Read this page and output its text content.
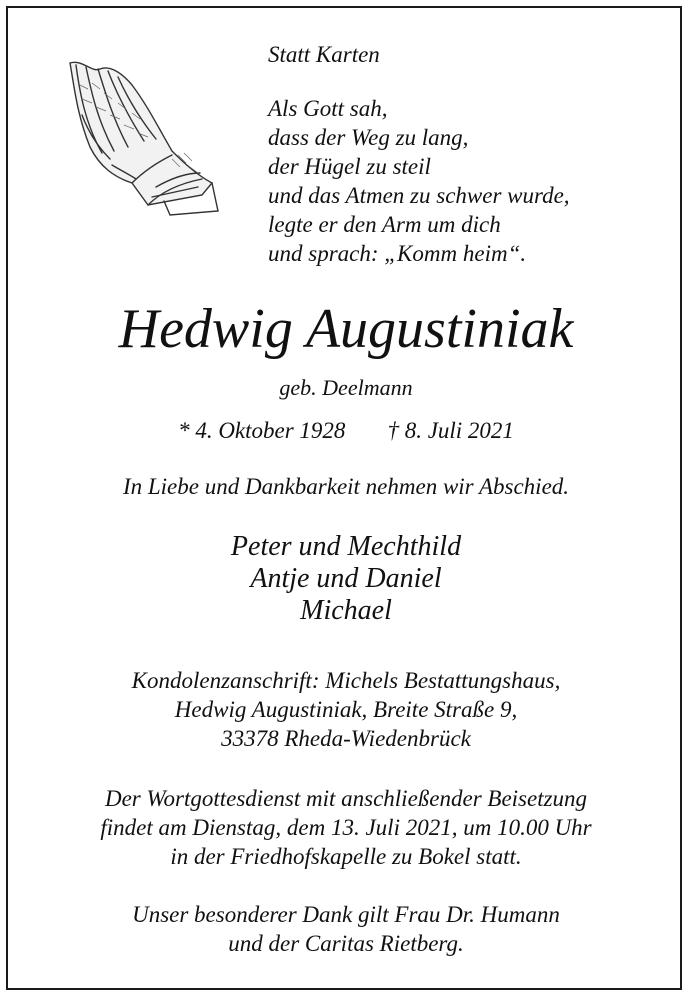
Statt Karten
Als Gott sah,
dass der Weg zu lang,
der Hügel zu steil
und das Atmen zu schwer wurde,
legte er den Arm um dich
und sprach: „Komm heim“.
Hedwig Augustiniak
geb. Deelmann
* 4. Oktober 1928 † 8. Juli 2021
In Liebe und Dankbarkeit nehmen wir Abschied.
Peter und Mechthild
Antje und Daniel
Michael
Kondolenzanschrift: Michels Bestattungshaus,
Hedwig Augustiniak, Breite Straße 9,
33378 Rheda-Wiedenbrück
Der Wortgottesdienst mit anschließender Beisetzung
findet am Dienstag, dem 13. Juli 2021, um 10.00 Uhr
in der Friedhofskapelle zu Bokel statt.
Unser besonderer Dank gilt Frau Dr. Humann
und der Caritas Rietberg.
